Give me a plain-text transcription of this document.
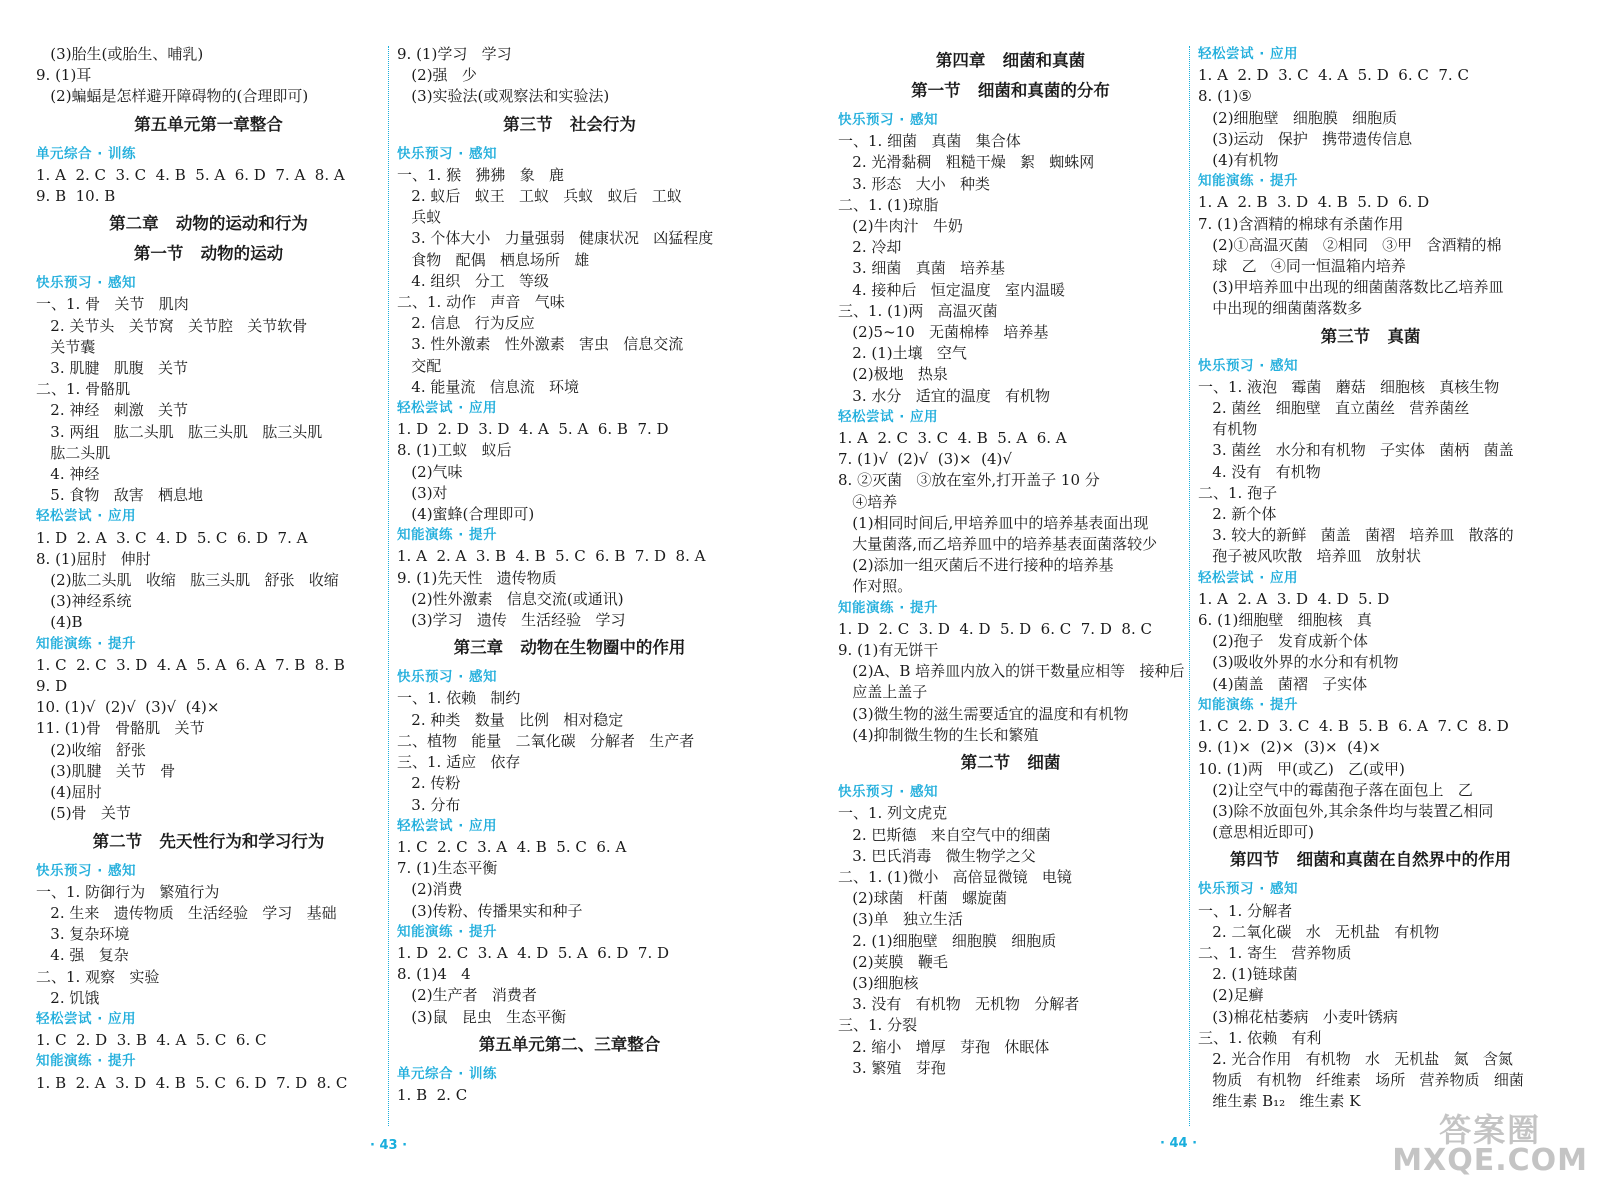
(3)胎生(或胎生、哺乳)
9. (1)耳
(2)蝙蝠是怎样避开障碍物的(合理即可)
第五单元第一章整合
单元综合 · 训练
1. A  2. C  3. C  4. B  5. A  6. D  7. A  8. A
9. B  10. B
第二章   动物的运动和行为
第一节   动物的运动
快乐预习 · 感知
一、1. 骨   关节   肌肉
2. 关节头   关节窝   关节腔   关节软骨
关节囊
3. 肌腱   肌腹   关节
二、1. 骨骼肌
2. 神经   刺激   关节
3. 两组   肱二头肌   肱三头肌   肱三头肌
肱二头肌
4. 神经
5. 食物   敌害   栖息地
轻松尝试 · 应用
1. D  2. A  3. C  4. D  5. C  6. D  7. A
8. (1)屈肘   伸肘
(2)肱二头肌   收缩   肱三头肌   舒张   收缩
(3)神经系统
(4)B
知能演练 · 提升
1. C  2. C  3. D  4. A  5. A  6. A  7. B  8. B
9. D
10. (1)√  (2)√  (3)√  (4)×
11. (1)骨   骨骼肌   关节
(2)收缩   舒张
(3)肌腱   关节   骨
(4)屈肘
(5)骨   关节
第二节   先天性行为和学习行为
快乐预习 · 感知
一、1. 防御行为   繁殖行为
2. 生来   遗传物质   生活经验   学习   基础
3. 复杂环境
4. 强   复杂
二、1. 观察   实验
2. 饥饿
轻松尝试 · 应用
1. C  2. D  3. B  4. A  5. C  6. C
知能演练 · 提升
1. B  2. A  3. D  4. B  5. C  6. D  7. D  8. C
9. (1)学习   学习
(2)强   少
(3)实验法(或观察法和实验法)
第三节   社会行为
快乐预习 · 感知
一、1. 猴   狒狒   象   鹿
2. 蚁后   蚁王   工蚁   兵蚁   蚁后   工蚁
兵蚁
3. 个体大小   力量强弱   健康状况   凶猛程度
食物   配偶   栖息场所   雄
4. 组织   分工   等级
二、1. 动作   声音   气味
2. 信息   行为反应
3. 性外激素   性外激素   害虫   信息交流
交配
4. 能量流   信息流   环境
轻松尝试 · 应用
1. D  2. D  3. D  4. A  5. A  6. B  7. D
8. (1)工蚁   蚁后
(2)气味
(3)对
(4)蜜蜂(合理即可)
知能演练 · 提升
1. A  2. A  3. B  4. B  5. C  6. B  7. D  8. A
9. (1)先天性   遗传物质
(2)性外激素   信息交流(或通讯)
(3)学习   遗传   生活经验   学习
第三章   动物在生物圈中的作用
快乐预习 · 感知
一、1. 依赖   制约
2. 种类   数量   比例   相对稳定
二、植物   能量   二氧化碳   分解者   生产者
三、1. 适应   依存
2. 传粉
3. 分布
轻松尝试 · 应用
1. C  2. C  3. A  4. B  5. C  6. A
7. (1)生态平衡
(2)消费
(3)传粉、传播果实和种子
知能演练 · 提升
1. D  2. C  3. A  4. D  5. A  6. D  7. D
8. (1)4   4
(2)生产者   消费者
(3)鼠   昆虫   生态平衡
第五单元第二、三章整合
单元综合 · 训练
1. B  2. C
第四章   细菌和真菌
第一节   细菌和真菌的分布
快乐预习 · 感知
一、1. 细菌   真菌   集合体
2. 光滑黏稠   粗糙干燥   絮   蜘蛛网
3. 形态   大小   种类
二、1. (1)琼脂
(2)牛肉汁   牛奶
2. 冷却
3. 细菌   真菌   培养基
4. 接种后   恒定温度   室内温暖
三、1. (1)两   高温灭菌
(2)5~10   无菌棉棒   培养基
2. (1)土壤   空气
(2)极地   热泉
3. 水分   适宜的温度   有机物
轻松尝试 · 应用
1. A  2. C  3. C  4. B  5. A  6. A
7. (1)√  (2)√  (3)×  (4)√
8. ②灭菌   ③放在室外,打开盖子 10 分
④培养
(1)相同时间后,甲培养皿中的培养基表面出现
大量菌落,而乙培养皿中的培养基表面菌落较少
(2)添加一组灭菌后不进行接种的培养基
作对照。
知能演练 · 提升
1. D  2. C  3. D  4. D  5. D  6. C  7. D  8. C
9. (1)有无饼干
(2)A、B 培养皿内放入的饼干数量应相等   接种后
应盖上盖子
(3)微生物的滋生需要适宜的温度和有机物
(4)抑制微生物的生长和繁殖
第二节   细菌
快乐预习 · 感知
一、1. 列文虎克
2. 巴斯德   来自空气中的细菌
3. 巴氏消毒   微生物学之父
二、1. (1)微小   高倍显微镜   电镜
(2)球菌   杆菌   螺旋菌
(3)单   独立生活
2. (1)细胞壁   细胞膜   细胞质
(2)荚膜   鞭毛
(3)细胞核
3. 没有   有机物   无机物   分解者
三、1. 分裂
2. 缩小   增厚   芽孢   休眠体
3. 繁殖   芽孢
轻松尝试 · 应用
1. A  2. D  3. C  4. A  5. D  6. C  7. C
8. (1)⑤
(2)细胞壁   细胞膜   细胞质
(3)运动   保护   携带遗传信息
(4)有机物
知能演练 · 提升
1. A  2. B  3. D  4. B  5. D  6. D
7. (1)含酒精的棉球有杀菌作用
(2)①高温灭菌   ②相同   ③甲   含酒精的棉
球   乙   ④同一恒温箱内培养
(3)甲培养皿中出现的细菌菌落数比乙培养皿
中出现的细菌菌落数多
第三节   真菌
快乐预习 · 感知
一、1. 液泡   霉菌   蘑菇   细胞核   真核生物
2. 菌丝   细胞壁   直立菌丝   营养菌丝
有机物
3. 菌丝   水分和有机物   子实体   菌柄   菌盖
4. 没有   有机物
二、1. 孢子
2. 新个体
3. 较大的新鲜   菌盖   菌褶   培养皿   散落的
孢子被风吹散   培养皿   放射状
轻松尝试 · 应用
1. A  2. A  3. D  4. D  5. D
6. (1)细胞壁   细胞核   真
(2)孢子   发育成新个体
(3)吸收外界的水分和有机物
(4)菌盖   菌褶   子实体
知能演练 · 提升
1. C  2. D  3. C  4. B  5. B  6. A  7. C  8. D
9. (1)×  (2)×  (3)×  (4)×
10. (1)两   甲(或乙)   乙(或甲)
(2)让空气中的霉菌孢子落在面包上   乙
(3)除不放面包外,其余条件均与装置乙相同
(意思相近即可)
第四节   细菌和真菌在自然界中的作用
快乐预习 · 感知
一、1. 分解者
2. 二氧化碳   水   无机盐   有机物
二、1. 寄生   营养物质
2. (1)链球菌
(2)足癣
(3)棉花枯萎病   小麦叶锈病
三、1. 依赖   有利
2. 光合作用   有机物   水   无机盐   氮   含氮
物质   有机物   纤维素   场所   营养物质   细菌
维生素 B₁₂   维生素 K
· 43 ·	· 44 ·	答案圈
MXQE.COM
